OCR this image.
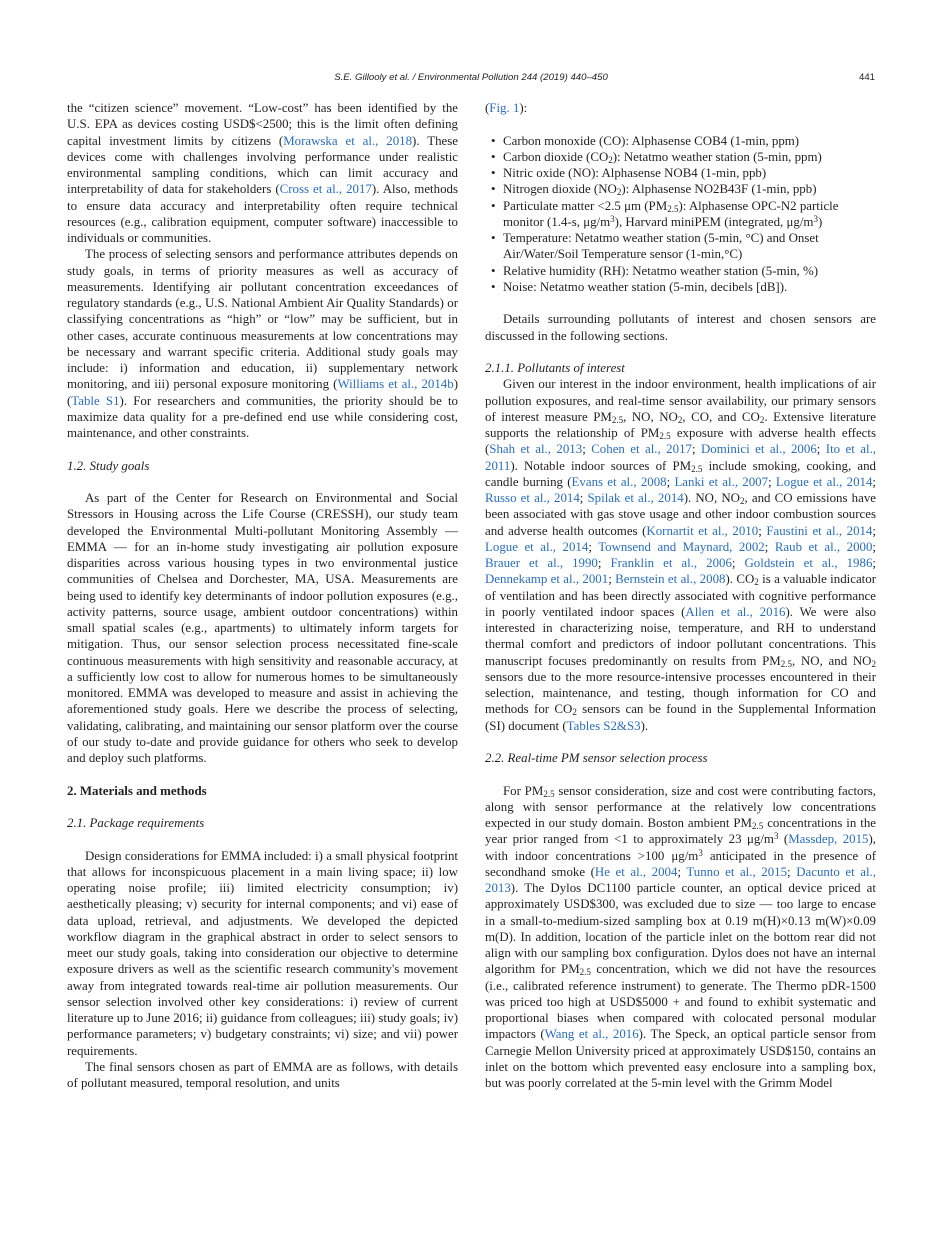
S.E. Gillooly et al. / Environmental Pollution 244 (2019) 440–450	441

the “citizen science” movement. “Low-cost” has been identified by the U.S. EPA as devices costing USD$<2500; this is the limit often defining capital investment limits by citizens (Morawska et al., 2018). These devices come with challenges involving performance under realistic environmental sampling conditions, which can limit accuracy and interpretability of data for stakeholders (Cross et al., 2017). Also, methods to ensure data accuracy and interpretability often require technical resources (e.g., calibration equipment, computer software) inaccessible to individuals or communities.

The process of selecting sensors and performance attributes depends on study goals, in terms of priority measures as well as accuracy of measurements. Identifying air pollutant concentration exceedances of regulatory standards (e.g., U.S. National Ambient Air Quality Standards) or classifying concentrations as “high” or “low” may be sufficient, but in other cases, accurate continuous measurements at low concentrations may be necessary and warrant specific criteria. Additional study goals may include: i) information and education, ii) supplementary network monitoring, and iii) personal exposure monitoring (Williams et al., 2014b) (Table S1). For researchers and communities, the priority should be to maximize data quality for a pre-defined end use while considering cost, maintenance, and other constraints.

1.2. Study goals

As part of the Center for Research on Environmental and Social Stressors in Housing across the Life Course (CRESSH), our study team developed the Environmental Multi-pollutant Monitoring Assembly — EMMA — for an in-home study investigating air pollution exposure disparities across various housing types in two environmental justice communities of Chelsea and Dorchester, MA, USA. Measurements are being used to identify key determinants of indoor pollution exposures (e.g., activity patterns, source usage, ambient outdoor concentrations) within small spatial scales (e.g., apartments) to ultimately inform targets for mitigation. Thus, our sensor selection process necessitated fine-scale continuous measurements with high sensitivity and reasonable accuracy, at a sufficiently low cost to allow for numerous homes to be simultaneously monitored. EMMA was developed to measure and assist in achieving the aforementioned study goals. Here we describe the process of selecting, validating, calibrating, and maintaining our sensor platform over the course of our study to-date and provide guidance for others who seek to develop and deploy such platforms.

2. Materials and methods

2.1. Package requirements

Design considerations for EMMA included: i) a small physical footprint that allows for inconspicuous placement in a main living space; ii) low operating noise profile; iii) limited electricity consumption; iv) aesthetically pleasing; v) security for internal components; and vi) ease of data upload, retrieval, and adjustments. We developed the depicted workflow diagram in the graphical abstract in order to select sensors to meet our study goals, taking into consideration our objective to determine exposure drivers as well as the scientific research community's movement away from integrated towards real-time air pollution measurements. Our sensor selection involved other key considerations: i) review of current literature up to June 2016; ii) guidance from colleagues; iii) study goals; iv) performance parameters; v) budgetary constraints; vi) size; and vii) power requirements.

The final sensors chosen as part of EMMA are as follows, with details of pollutant measured, temporal resolution, and units

(Fig. 1):

• Carbon monoxide (CO): Alphasense COB4 (1-min, ppm)
• Carbon dioxide $(CO_2)$: Netatmo weather station (5-min, ppm)
• Nitric oxide (NO): Alphasense NOB4 (1-min, ppb)
• Nitrogen dioxide $(NO_2)$: Alphasense NO2B43F (1-min, ppb)
• Particulate matter <2.5 μm $(PM_{2.5})$: Alphasense OPC-N2 particle monitor (1.4-s, $\mu g/m^3$), Harvard miniPEM (integrated, $\mu g/m^3$)
• Temperature: Netatmo weather station (5-min, °C) and Onset Air/Water/Soil Temperature sensor (1-min,°C)
• Relative humidity (RH): Netatmo weather station (5-min, %)
• Noise: Netatmo weather station (5-min, decibels [dB]).

Details surrounding pollutants of interest and chosen sensors are discussed in the following sections.

2.1.1. Pollutants of interest

Given our interest in the indoor environment, health implications of air pollution exposures, and real-time sensor availability, our primary sensors of interest measure $PM_{2.5}$, NO, $NO_2$, CO, and $CO_2$. Extensive literature supports the relationship of $PM_{2.5}$ exposure with adverse health effects (Shah et al., 2013; Cohen et al., 2017; Dominici et al., 2006; Ito et al., 2011). Notable indoor sources of $PM_{2.5}$ include smoking, cooking, and candle burning (Evans et al., 2008; Lanki et al., 2007; Logue et al., 2014; Russo et al., 2014; Spilak et al., 2014). NO, $NO_2$, and CO emissions have been associated with gas stove usage and other indoor combustion sources and adverse health outcomes (Kornartit et al., 2010; Faustini et al., 2014; Logue et al., 2014; Townsend and Maynard, 2002; Raub et al., 2000; Brauer et al., 1990; Franklin et al., 2006; Goldstein et al., 1986; Dennekamp et al., 2001; Bernstein et al., 2008). $CO_2$ is a valuable indicator of ventilation and has been directly associated with cognitive performance in poorly ventilated indoor spaces (Allen et al., 2016). We were also interested in characterizing noise, temperature, and RH to understand thermal comfort and predictors of indoor pollutant concentrations. This manuscript focuses predominantly on results from $PM_{2.5}$, NO, and $NO_2$ sensors due to the more resource-intensive processes encountered in their selection, maintenance, and testing, though information for CO and methods for $CO_2$ sensors can be found in the Supplemental Information (SI) document (Tables S2&S3).

2.2. Real-time PM sensor selection process

For $PM_{2.5}$ sensor consideration, size and cost were contributing factors, along with sensor performance at the relatively low concentrations expected in our study domain. Boston ambient $PM_{2.5}$ concentrations in the year prior ranged from <1 to approximately 23 $\mu g/m^3$ (Massdep, 2015), with indoor concentrations >100 $\mu g/m^3$ anticipated in the presence of secondhand smoke (He et al., 2004; Tunno et al., 2015; Dacunto et al., 2013). The Dylos DC1100 particle counter, an optical device priced at approximately USD$300, was excluded due to size — too large to encase in a small-to-medium-sized sampling box at 0.19 m(H)×0.13 m(W)×0.09 m(D). In addition, location of the particle inlet on the bottom rear did not align with our sampling box configuration. Dylos does not have an internal algorithm for $PM_{2.5}$ concentration, which we did not have the resources (i.e., calibrated reference instrument) to generate. The Thermo pDR-1500 was priced too high at USD$5000 + and found to exhibit systematic and proportional biases when compared with colocated personal modular impactors (Wang et al., 2016). The Speck, an optical particle sensor from Carnegie Mellon University priced at approximately USD$150, contains an inlet on the bottom which prevented easy enclosure into a sampling box, but was poorly correlated at the 5-min level with the Grimm Model
